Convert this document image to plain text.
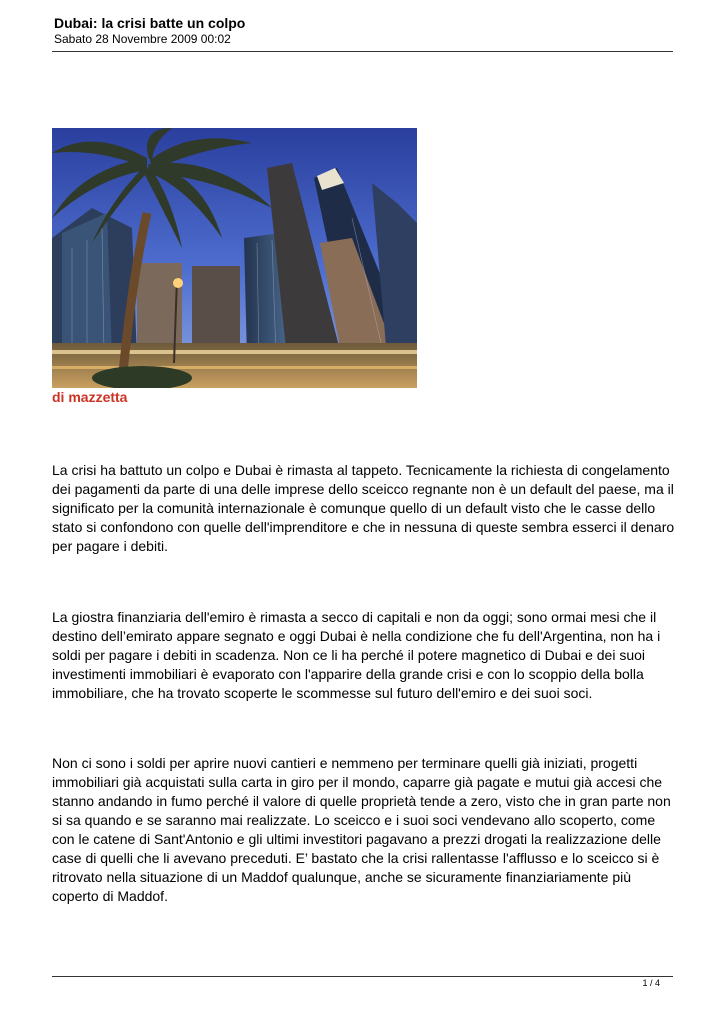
Dubai: la crisi batte un colpo

Sabato 28 Novembre 2009 00:02

di mazzetta

La crisi ha battuto un colpo e Dubai è rimasta al tappeto. Tecnicamente la richiesta di congelamento dei pagamenti da parte di una delle imprese dello sceicco regnante non è un default del paese, ma il significato per la comunità internazionale è comunque quello di un default visto che le casse dello stato si confondono con quelle dell'imprenditore e che in nessuna di queste sembra esserci il denaro per pagare i debiti.

La giostra finanziaria dell'emiro è rimasta a secco di capitali e non da oggi; sono ormai mesi che il destino dell’emirato appare segnato e oggi Dubai è nella condizione che fu dell'Argentina, non ha i soldi per pagare i debiti in scadenza. Non ce li ha perché il potere magnetico di Dubai e dei suoi investimenti immobiliari è evaporato con l'apparire della grande crisi e con lo scoppio della bolla immobiliare, che ha trovato scoperte le scommesse sul futuro dell'emiro e dei suoi soci.

Non ci sono i soldi per aprire nuovi cantieri e nemmeno per terminare quelli già iniziati, progetti immobiliari già acquistati sulla carta in giro per il mondo, caparre già pagate e mutui già accesi che stanno andando in fumo perché il valore di quelle proprietà tende a zero, visto che in gran parte non si sa quando e se saranno mai realizzate. Lo sceicco e i suoi soci vendevano allo scoperto, come con le catene di Sant'Antonio e gli ultimi investitori pagavano a prezzi drogati la realizzazione delle case di quelli che li avevano preceduti. E’ bastato che la crisi rallentasse l'afflusso e lo sceicco si è ritrovato nella situazione di un Maddof qualunque, anche se sicuramente finanziariamente più coperto di Maddof.

1 / 4
